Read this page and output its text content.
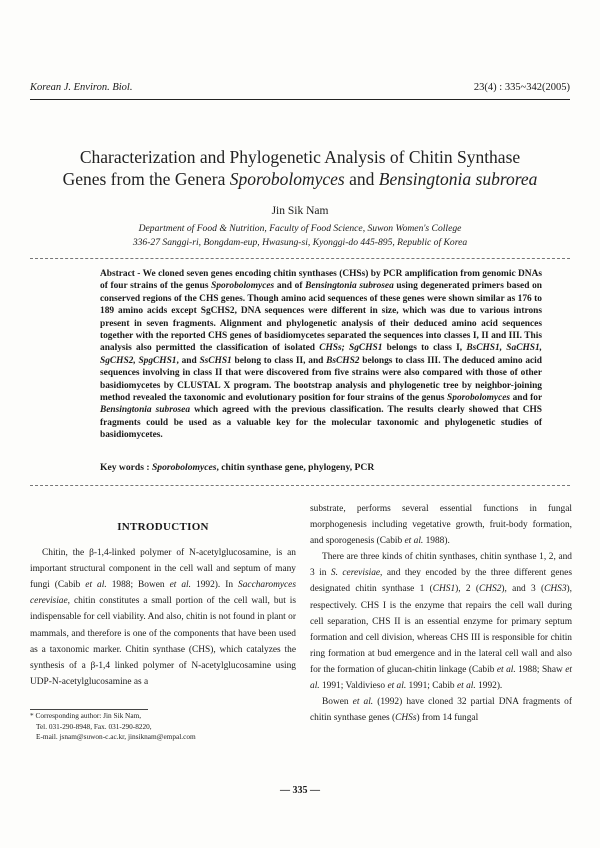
Korean J. Environ. Biol.	23(4) : 335~342(2005)
Characterization and Phylogenetic Analysis of Chitin Synthase
Genes from the Genera Sporobolomyces and Bensingtonia subrorea
Jin Sik Nam
Department of Food & Nutrition, Faculty of Food Science, Suwon Women's College
336-27 Sanggi-ri, Bongdam-eup, Hwasung-si, Kyonggi-do 445-895, Republic of Korea
Abstract - We cloned seven genes encoding chitin synthases (CHSs) by PCR amplification from genomic DNAs of four strains of the genus Sporobolomyces and of Bensingtonia subrosea using degenerated primers based on conserved regions of the CHS genes. Though amino acid sequences of these genes were shown similar as 176 to 189 amino acids except SgCHS2, DNA sequences were different in size, which was due to various introns present in seven fragments. Alignment and phylogenetic analysis of their deduced amino acid sequences together with the reported CHS genes of basidiomycetes separated the sequences into classes I, II and III. This analysis also permitted the classification of isolated CHSs; SgCHS1 belongs to class I, BsCHS1, SaCHS1, SgCHS2, SpgCHS1, and SsCHS1 belong to class II, and BsCHS2 belongs to class III. The deduced amino acid sequences involving in class II that were discovered from five strains were also compared with those of other basidiomycetes by CLUSTAL X program. The bootstrap analysis and phylogenetic tree by neighbor-joining method revealed the taxonomic and evolutionary position for four strains of the genus Sporobolomyces and for Bensingtonia subrosea which agreed with the previous classification. The results clearly showed that CHS fragments could be used as a valuable key for the molecular taxonomic and phylogenetic studies of basidiomycetes.
Key words : Sporobolomyces, chitin synthase gene, phylogeny, PCR
INTRODUCTION

Chitin, the β-1,4-linked polymer of N-acetylglucosamine, is an important structural component in the cell wall and septum of many fungi (Cabib et al. 1988; Bowen et al. 1992). In Saccharomyces cerevisiae, chitin constitutes a small portion of the cell wall, but is indispensable for cell viability. And also, chitin is not found in plant or mammals, and therefore is one of the components that have been used as a taxonomic marker. Chitin synthase (CHS), which catalyzes the synthesis of a β-1,4 linked polymer of N-acetylglucosamine using UDP-N-acetylglucosamine as a

substrate, performs several essential functions in fungal morphogenesis including vegetative growth, fruit-body formation, and sporogenesis (Cabib et al. 1988).

There are three kinds of chitin synthases, chitin synthase 1, 2, and 3 in S. cerevisiae, and they encoded by the three different genes designated chitin synthase 1 (CHS1), 2 (CHS2), and 3 (CHS3), respectively. CHS I is the enzyme that repairs the cell wall during cell separation, CHS II is an essential enzyme for primary septum formation and cell division, whereas CHS III is responsible for chitin ring formation at bud emergence and in the lateral cell wall and also for the formation of glucan-chitin linkage (Cabib et al. 1988; Shaw et al. 1991; Valdivieso et al. 1991; Cabib et al. 1992).

Bowen et al. (1992) have cloned 32 partial DNA fragments of chitin synthase genes (CHSs) from 14 fungal

* Corresponding author: Jin Sik Nam,
Tel. 031-290-8948, Fax. 031-290-8220,
E-mail. jsnam@suwon-c.ac.kr, jinsiknam@empal.com
— 335 —
